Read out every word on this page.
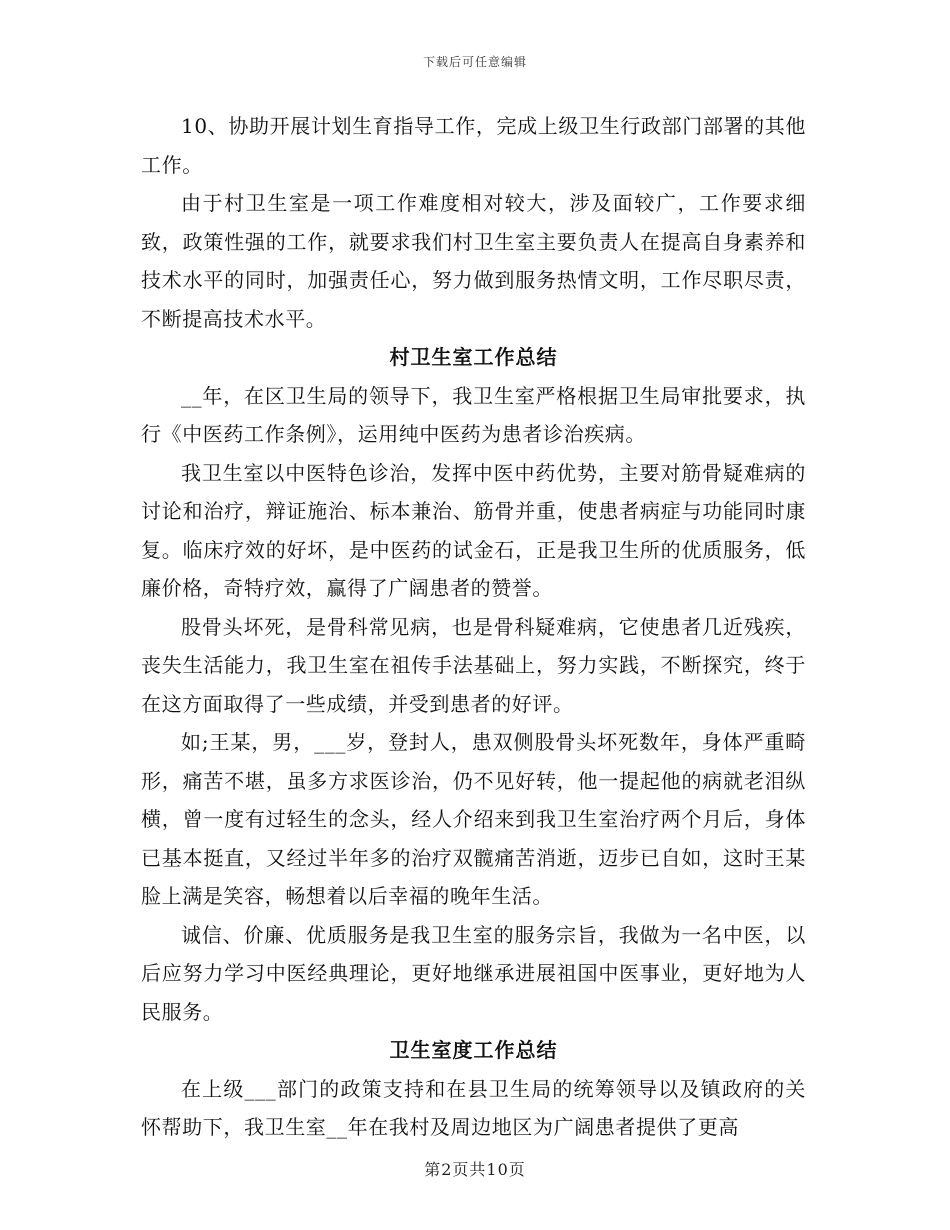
下载后可任意编辑

10、协助开展计划生育指导工作，完成上级卫生行政部门部署的其他工作。

由于村卫生室是一项工作难度相对较大，涉及面较广，工作要求细致，政策性强的工作，就要求我们村卫生室主要负责人在提高自身素养和技术水平的同时，加强责任心，努力做到服务热情文明，工作尽职尽责，不断提高技术水平。

村卫生室工作总结

__年，在区卫生局的领导下，我卫生室严格根据卫生局审批要求，执行《中医药工作条例》，运用纯中医药为患者诊治疾病。

我卫生室以中医特色诊治，发挥中医中药优势，主要对筋骨疑难病的讨论和治疗，辩证施治、标本兼治、筋骨并重，使患者病症与功能同时康复。临床疗效的好坏，是中医药的试金石，正是我卫生所的优质服务，低廉价格，奇特疗效，赢得了广阔患者的赞誉。

股骨头坏死，是骨科常见病，也是骨科疑难病，它使患者几近残疾，丧失生活能力，我卫生室在祖传手法基础上，努力实践，不断探究，终于在这方面取得了一些成绩，并受到患者的好评。

如;王某，男，___岁，登封人，患双侧股骨头坏死数年，身体严重畸形，痛苦不堪，虽多方求医诊治，仍不见好转，他一提起他的病就老泪纵横，曾一度有过轻生的念头，经人介绍来到我卫生室治疗两个月后，身体已基本挺直，又经过半年多的治疗双髋痛苦消逝，迈步已自如，这时王某脸上满是笑容，畅想着以后幸福的晚年生活。

诚信、价廉、优质服务是我卫生室的服务宗旨，我做为一名中医，以后应努力学习中医经典理论，更好地继承进展祖国中医事业，更好地为人民服务。

卫生室度工作总结

在上级___部门的政策支持和在县卫生局的统筹领导以及镇政府的关怀帮助下，我卫生室__年在我村及周边地区为广阔患者提供了更高

第2页共10页
